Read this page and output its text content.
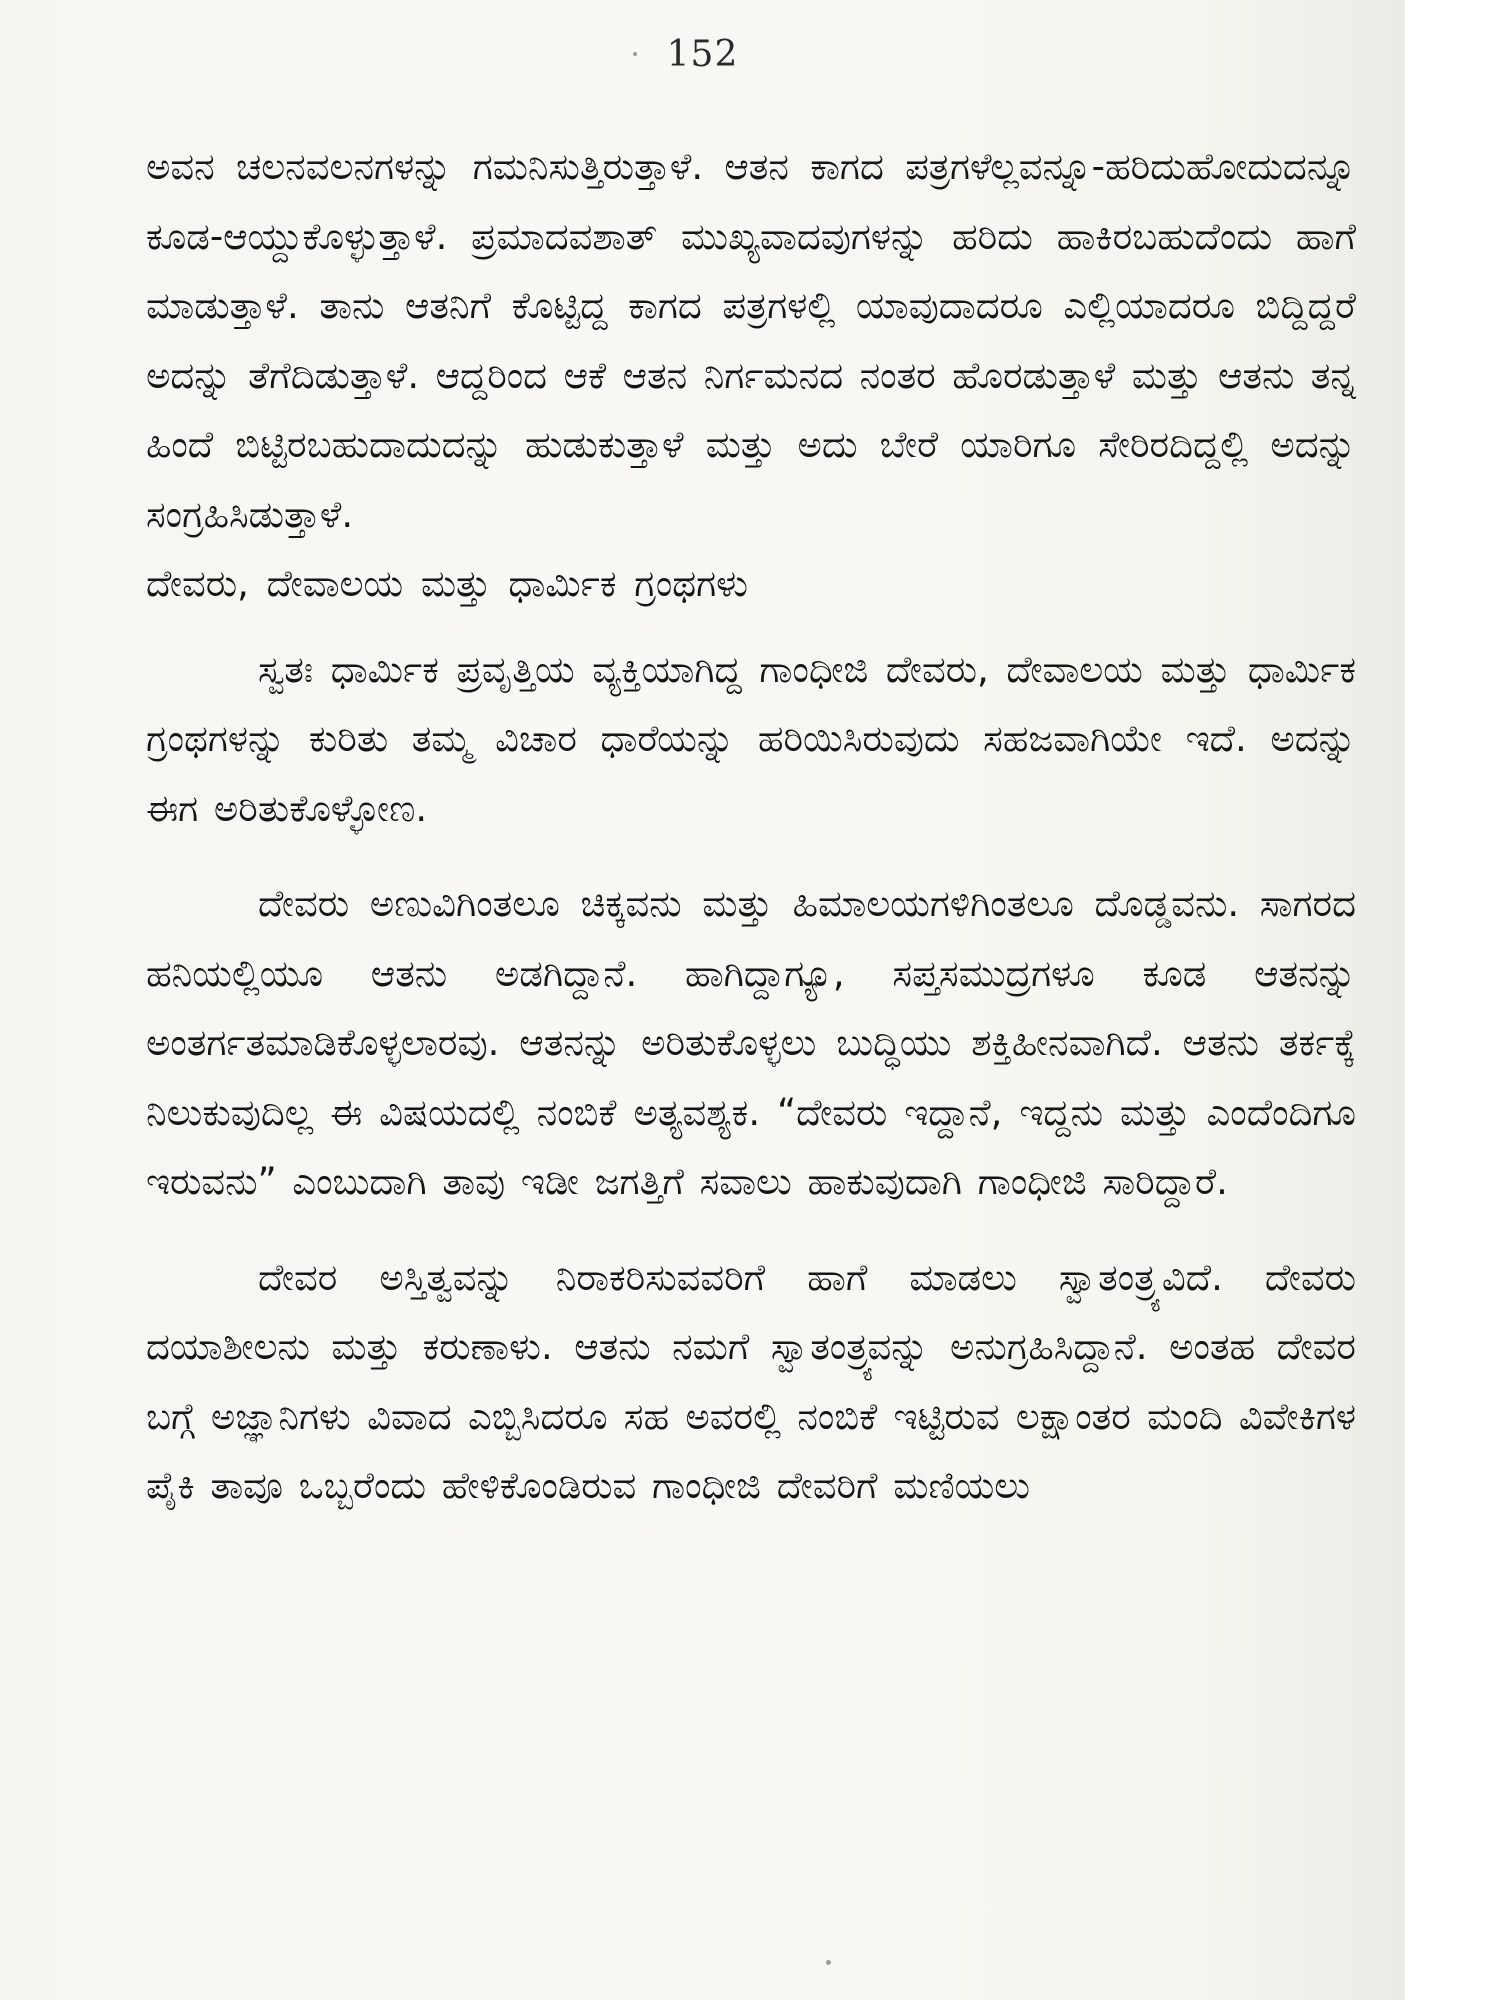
152

ಅವನ ಚಲನವಲನಗಳನ್ನು ಗಮನಿಸುತ್ತಿರುತ್ತಾಳೆ. ಆತನ ಕಾಗದ ಪತ್ರಗಳೆಲ್ಲವನ್ನೂ-ಹರಿದುಹೋದುದನ್ನೂ ಕೂಡ-ಆಯ್ದುಕೊಳ್ಳುತ್ತಾಳೆ. ಪ್ರಮಾದವಶಾತ್ ಮುಖ್ಯವಾದವುಗಳನ್ನು ಹರಿದು ಹಾಕಿರಬಹುದೆಂದು ಹಾಗೆ ಮಾಡುತ್ತಾಳೆ. ತಾನು ಆತನಿಗೆ ಕೊಟ್ಟಿದ್ದ ಕಾಗದ ಪತ್ರಗಳಲ್ಲಿ ಯಾವುದಾದರೂ ಎಲ್ಲಿಯಾದರೂ ಬಿದ್ದಿದ್ದರೆ ಅದನ್ನು ತೆಗೆದಿಡುತ್ತಾಳೆ. ಆದ್ದರಿಂದ ಆಕೆ ಆತನ ನಿರ್ಗಮನದ ನಂತರ ಹೊರಡುತ್ತಾಳೆ ಮತ್ತು ಆತನು ತನ್ನ ಹಿಂದೆ ಬಿಟ್ಟಿರಬಹುದಾದುದನ್ನು ಹುಡುಕುತ್ತಾಳೆ ಮತ್ತು ಅದು ಬೇರೆ ಯಾರಿಗೂ ಸೇರಿರದಿದ್ದಲ್ಲಿ ಅದನ್ನು ಸಂಗ್ರಹಿಸಿಡುತ್ತಾಳೆ.

ದೇವರು, ದೇವಾಲಯ ಮತ್ತು ಧಾರ್ಮಿಕ ಗ್ರಂಥಗಳು

ಸ್ವತಃ ಧಾರ್ಮಿಕ ಪ್ರವೃತ್ತಿಯ ವ್ಯಕ್ತಿಯಾಗಿದ್ದ ಗಾಂಧೀಜಿ ದೇವರು, ದೇವಾಲಯ ಮತ್ತು ಧಾರ್ಮಿಕ ಗ್ರಂಥಗಳನ್ನು ಕುರಿತು ತಮ್ಮ ವಿಚಾರ ಧಾರೆಯನ್ನು ಹರಿಯಿಸಿರುವುದು ಸಹಜವಾಗಿಯೇ ಇದೆ. ಅದನ್ನು ಈಗ ಅರಿತುಕೊಳ್ಳೋಣ.

ದೇವರು ಅಣುವಿಗಿಂತಲೂ ಚಿಕ್ಕವನು ಮತ್ತು ಹಿಮಾಲಯಗಳಿಗಿಂತಲೂ ದೊಡ್ಡವನು. ಸಾಗರದ ಹನಿಯಲ್ಲಿಯೂ ಆತನು ಅಡಗಿದ್ದಾನೆ. ಹಾಗಿದ್ದಾಗ್ಯೂ, ಸಪ್ತಸಮುದ್ರಗಳೂ ಕೂಡ ಆತನನ್ನು ಅಂತರ್ಗತಮಾಡಿಕೊಳ್ಳಲಾರವು. ಆತನನ್ನು ಅರಿತುಕೊಳ್ಳಲು ಬುದ್ಧಿಯು ಶಕ್ತಿಹೀನವಾಗಿದೆ. ಆತನು ತರ್ಕಕ್ಕೆ ನಿಲುಕುವುದಿಲ್ಲ ಈ ವಿಷಯದಲ್ಲಿ ನಂಬಿಕೆ ಅತ್ಯವಶ್ಯಕ. “ದೇವರು ಇದ್ದಾನೆ, ಇದ್ದನು ಮತ್ತು ಎಂದೆಂದಿಗೂ ಇರುವನು” ಎಂಬುದಾಗಿ ತಾವು ಇಡೀ ಜಗತ್ತಿಗೆ ಸವಾಲು ಹಾಕುವುದಾಗಿ ಗಾಂಧೀಜಿ ಸಾರಿದ್ದಾರೆ.

ದೇವರ ಅಸ್ತಿತ್ವವನ್ನು ನಿರಾಕರಿಸುವವರಿಗೆ ಹಾಗೆ ಮಾಡಲು ಸ್ವಾತಂತ್ರ್ಯವಿದೆ. ದೇವರು ದಯಾಶೀಲನು ಮತ್ತು ಕರುಣಾಳು. ಆತನು ನಮಗೆ ಸ್ವಾತಂತ್ರ್ಯವನ್ನು ಅನುಗ್ರಹಿಸಿದ್ದಾನೆ. ಅಂತಹ ದೇವರ ಬಗ್ಗೆ ಅಜ್ಞಾನಿಗಳು ವಿವಾದ ಎಬ್ಬಿಸಿದರೂ ಸಹ ಅವರಲ್ಲಿ ನಂಬಿಕೆ ಇಟ್ಟಿರುವ ಲಕ್ಷಾಂತರ ಮಂದಿ ವಿವೇಕಿಗಳ ಪೈಕಿ ತಾವೂ ಒಬ್ಬರೆಂದು ಹೇಳಿಕೊಂಡಿರುವ ಗಾಂಧೀಜಿ ದೇವರಿಗೆ ಮಣಿಯಲು
